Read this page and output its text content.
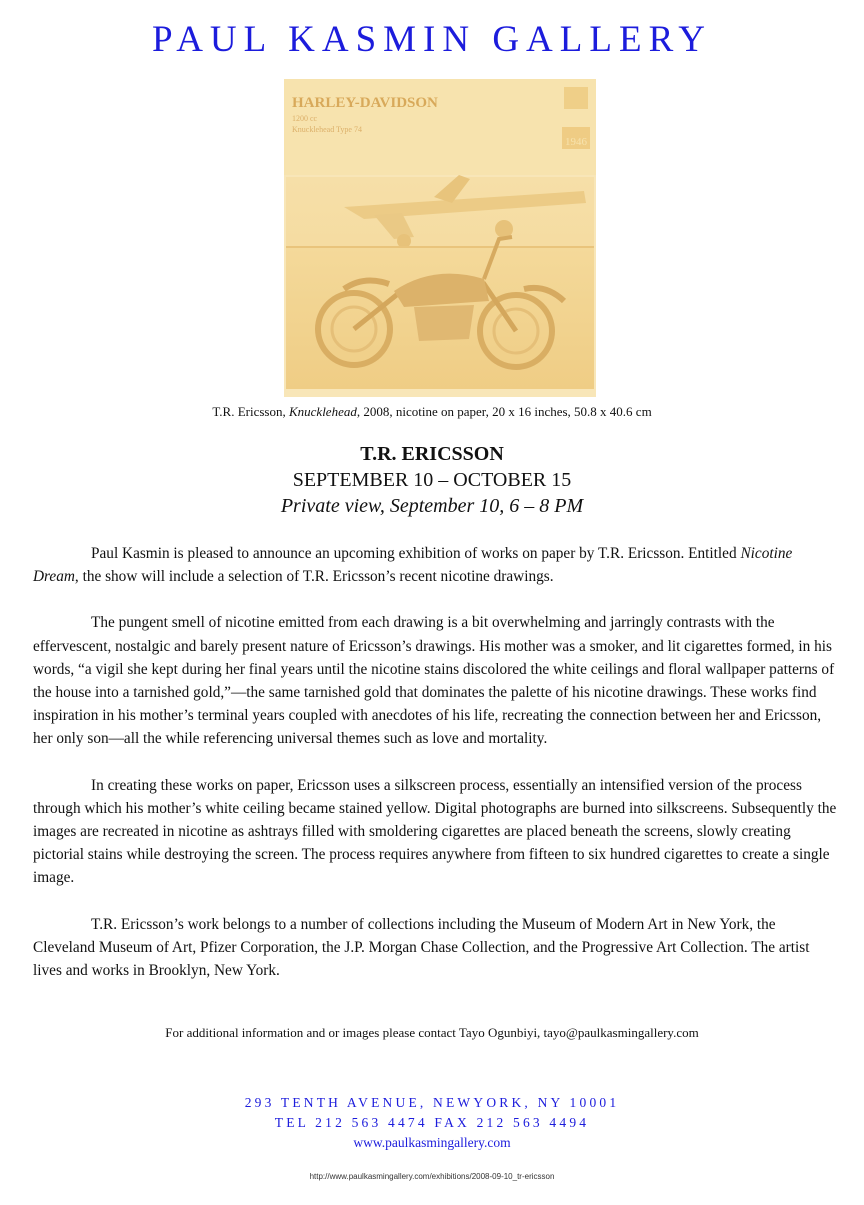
PAUL KASMIN GALLERY
HARLEY-DAVIDSON
1200 cc
Knucklehead Type 74
1946
T.R. Ericsson, Knucklehead, 2008, nicotine on paper, 20 x 16 inches, 50.8 x 40.6 cm
T.R. ERICSSON
SEPTEMBER 10 – OCTOBER 15
Private view, September 10, 6 – 8 PM

Paul Kasmin is pleased to announce an upcoming exhibition of works on paper by T.R. Ericsson. Entitled Nicotine Dream, the show will include a selection of T.R. Ericsson’s recent nicotine drawings.

The pungent smell of nicotine emitted from each drawing is a bit overwhelming and jarringly contrasts with the effervescent, nostalgic and barely present nature of Ericsson’s drawings. His mother was a smoker, and lit cigarettes formed, in his words, “a vigil she kept during her final years until the nicotine stains discolored the white ceilings and floral wallpaper patterns of the house into a tarnished gold,”—the same tarnished gold that dominates the palette of his nicotine drawings. These works find inspiration in his mother’s terminal years coupled with anecdotes of his life, recreating the connection between her and Ericsson, her only son—all the while referencing universal themes such as love and mortality.

In creating these works on paper, Ericsson uses a silkscreen process, essentially an intensified version of the process through which his mother’s white ceiling became stained yellow. Digital photographs are burned into silkscreens. Subsequently the images are recreated in nicotine as ashtrays filled with smoldering cigarettes are placed beneath the screens, slowly creating pictorial stains while destroying the screen. The process requires anywhere from fifteen to six hundred cigarettes to create a single image.

T.R. Ericsson’s work belongs to a number of collections including the Museum of Modern Art in New York, the Cleveland Museum of Art, Pfizer Corporation, the J.P. Morgan Chase Collection, and the Progressive Art Collection. The artist lives and works in Brooklyn, New York.

For additional information and or images please contact Tayo Ogunbiyi, tayo@paulkasmingallery.com
293 TENTH AVENUE, NEWYORK, NY 10001
TEL 212 563 4474 FAX 212 563 4494
www.paulkasmingallery.com
http://www.paulkasmingallery.com/exhibitions/2008-09-10_tr-ericsson
